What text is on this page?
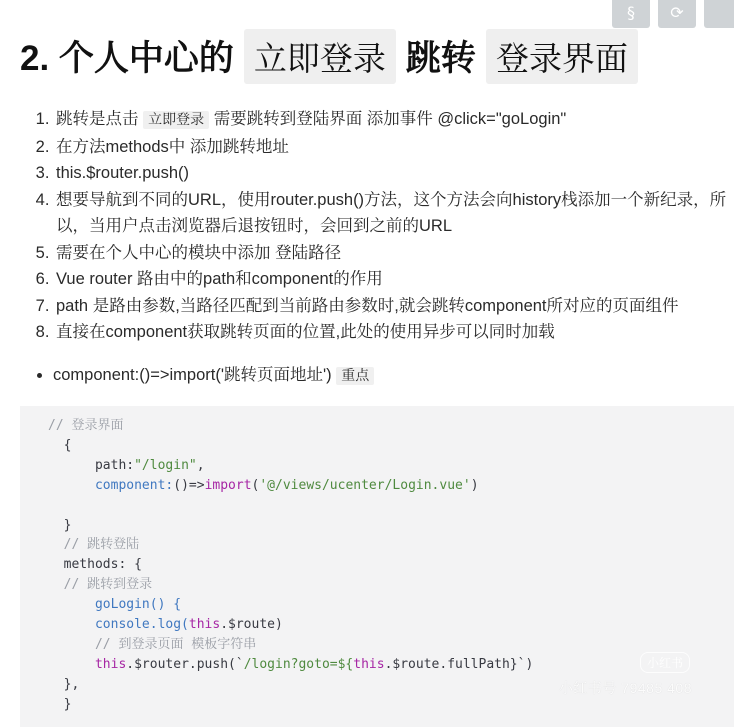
§	⟳
2. 个人中心的 立即登录 跳转 登录界面
1. 跳转是点击 立即登录 需要跳转到登陆界面 添加事件 @click="goLogin"
2. 在方法methods中 添加跳转地址
3. this.$router.push()
4. 想要导航到不同的URL，使用router.push()方法，这个方法会向history栈添加一个新纪录，所以，当用户点击浏览器后退按钮时，会回到之前的URL
5. 需要在个人中心的模块中添加 登陆路径
6. Vue router 路由中的path和component的作用
7. path 是路由参数,当路径匹配到当前路由参数时,就会跳转component所对应的页面组件
8. 直接在component获取跳转页面的位置,此处的使用异步可以同时加载
• component:()=>import('跳转页面地址') 重点
// 登录界面
{
path:"/login",
component:()=>import('@/views/ucenter/Login.vue')

}
// 跳转登陆
methods: {
// 跳转到登录
goLogin() {
console.log(this.$route)
// 到登录页面 模板字符串
this.$router.push(`/login?goto=${this.$route.fullPath}`)
},
}
小红书
小红书号 79485 408
